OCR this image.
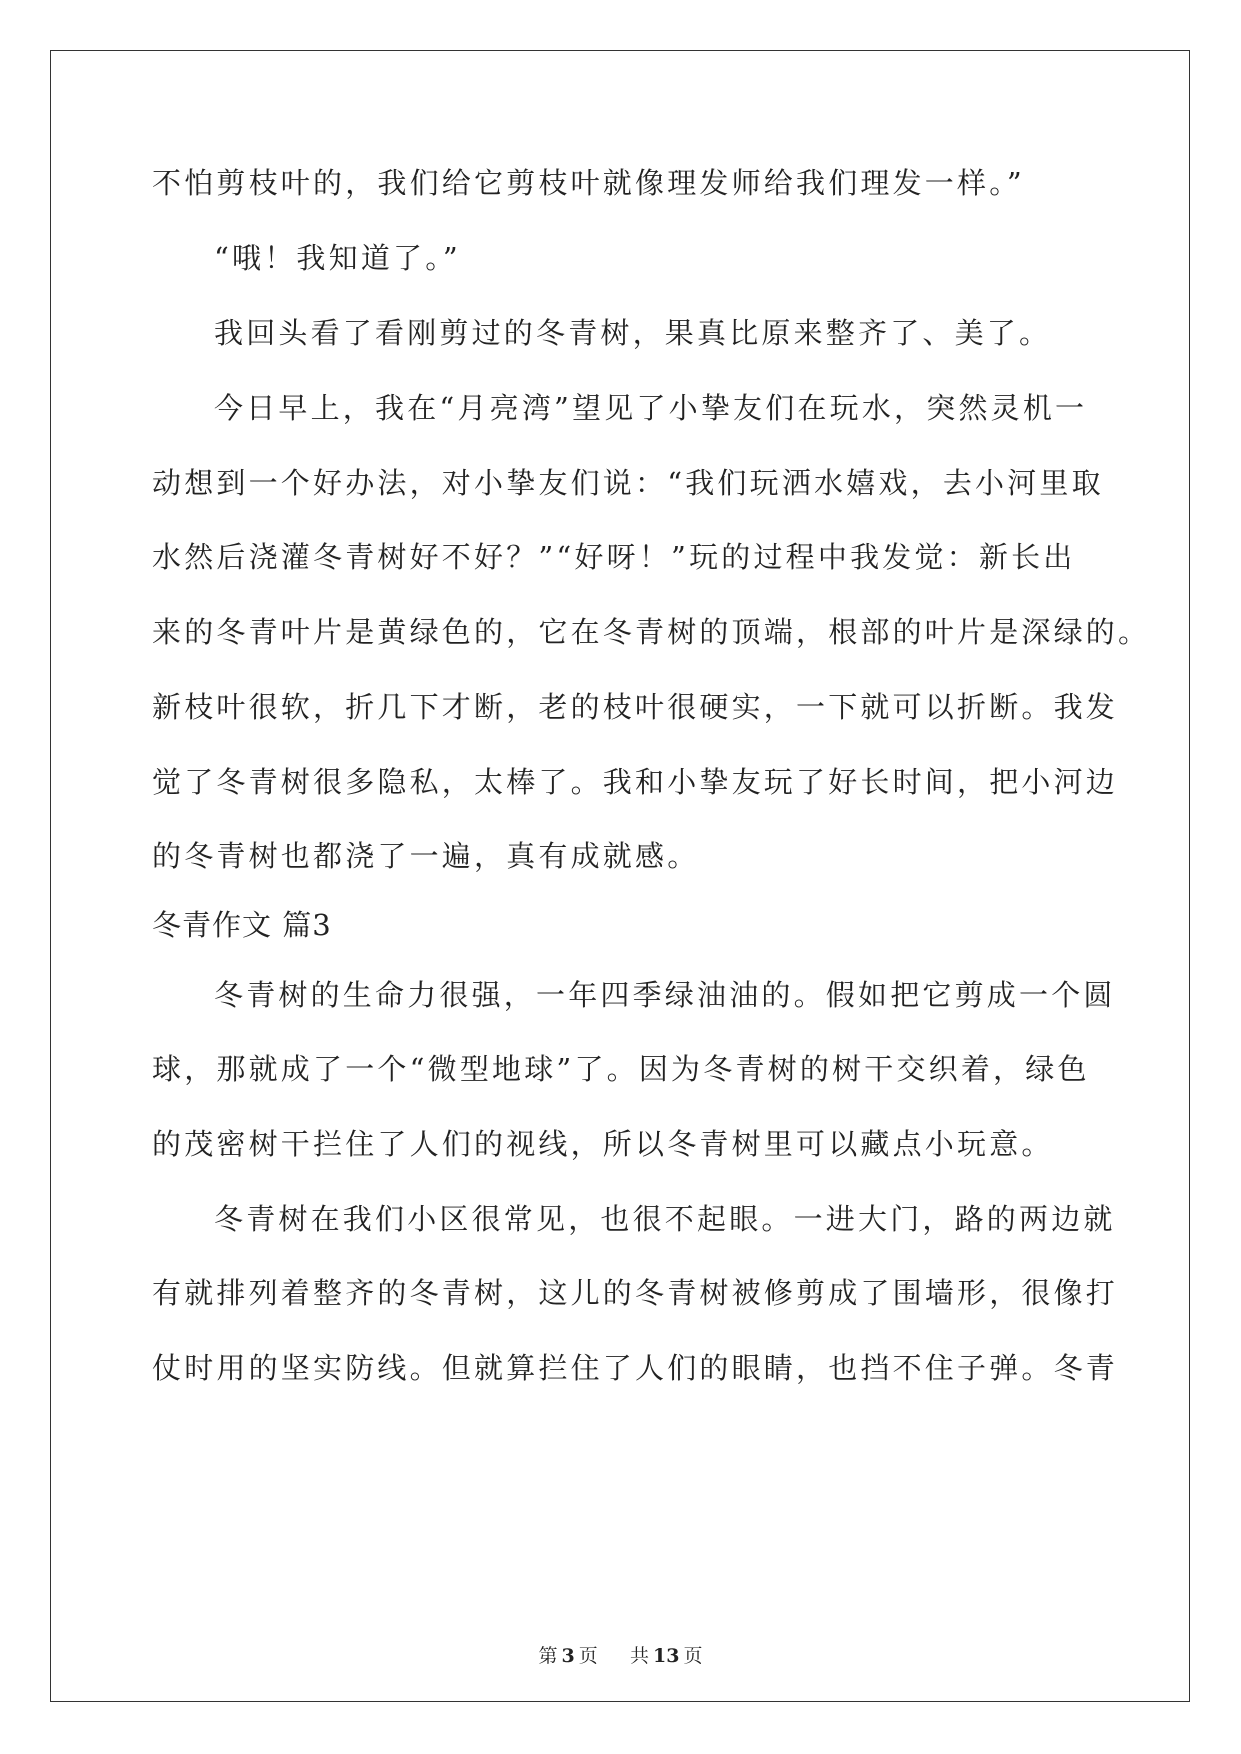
不怕剪枝叶的，我们给它剪枝叶就像理发师给我们理发一样。”
“哦！我知道了。”
我回头看了看刚剪过的冬青树，果真比原来整齐了、美了。
今日早上，我在“月亮湾”望见了小挚友们在玩水，突然灵机一
动想到一个好办法，对小挚友们说：“我们玩洒水嬉戏，去小河里取
水然后浇灌冬青树好不好？”“好呀！”玩的过程中我发觉：新长出
来的冬青叶片是黄绿色的，它在冬青树的顶端，根部的叶片是深绿的。
新枝叶很软，折几下才断，老的枝叶很硬实，一下就可以折断。我发
觉了冬青树很多隐私，太棒了。我和小挚友玩了好长时间，把小河边
的冬青树也都浇了一遍，真有成就感。
冬青作文 篇3
冬青树的生命力很强，一年四季绿油油的。假如把它剪成一个圆
球，那就成了一个“微型地球”了。因为冬青树的树干交织着，绿色
的茂密树干拦住了人们的视线，所以冬青树里可以藏点小玩意。
冬青树在我们小区很常见，也很不起眼。一进大门，路的两边就
有就排列着整齐的冬青树，这儿的冬青树被修剪成了围墙形，很像打
仗时用的坚实防线。但就算拦住了人们的眼睛，也挡不住子弹。冬青
第 3 页 共 13 页
